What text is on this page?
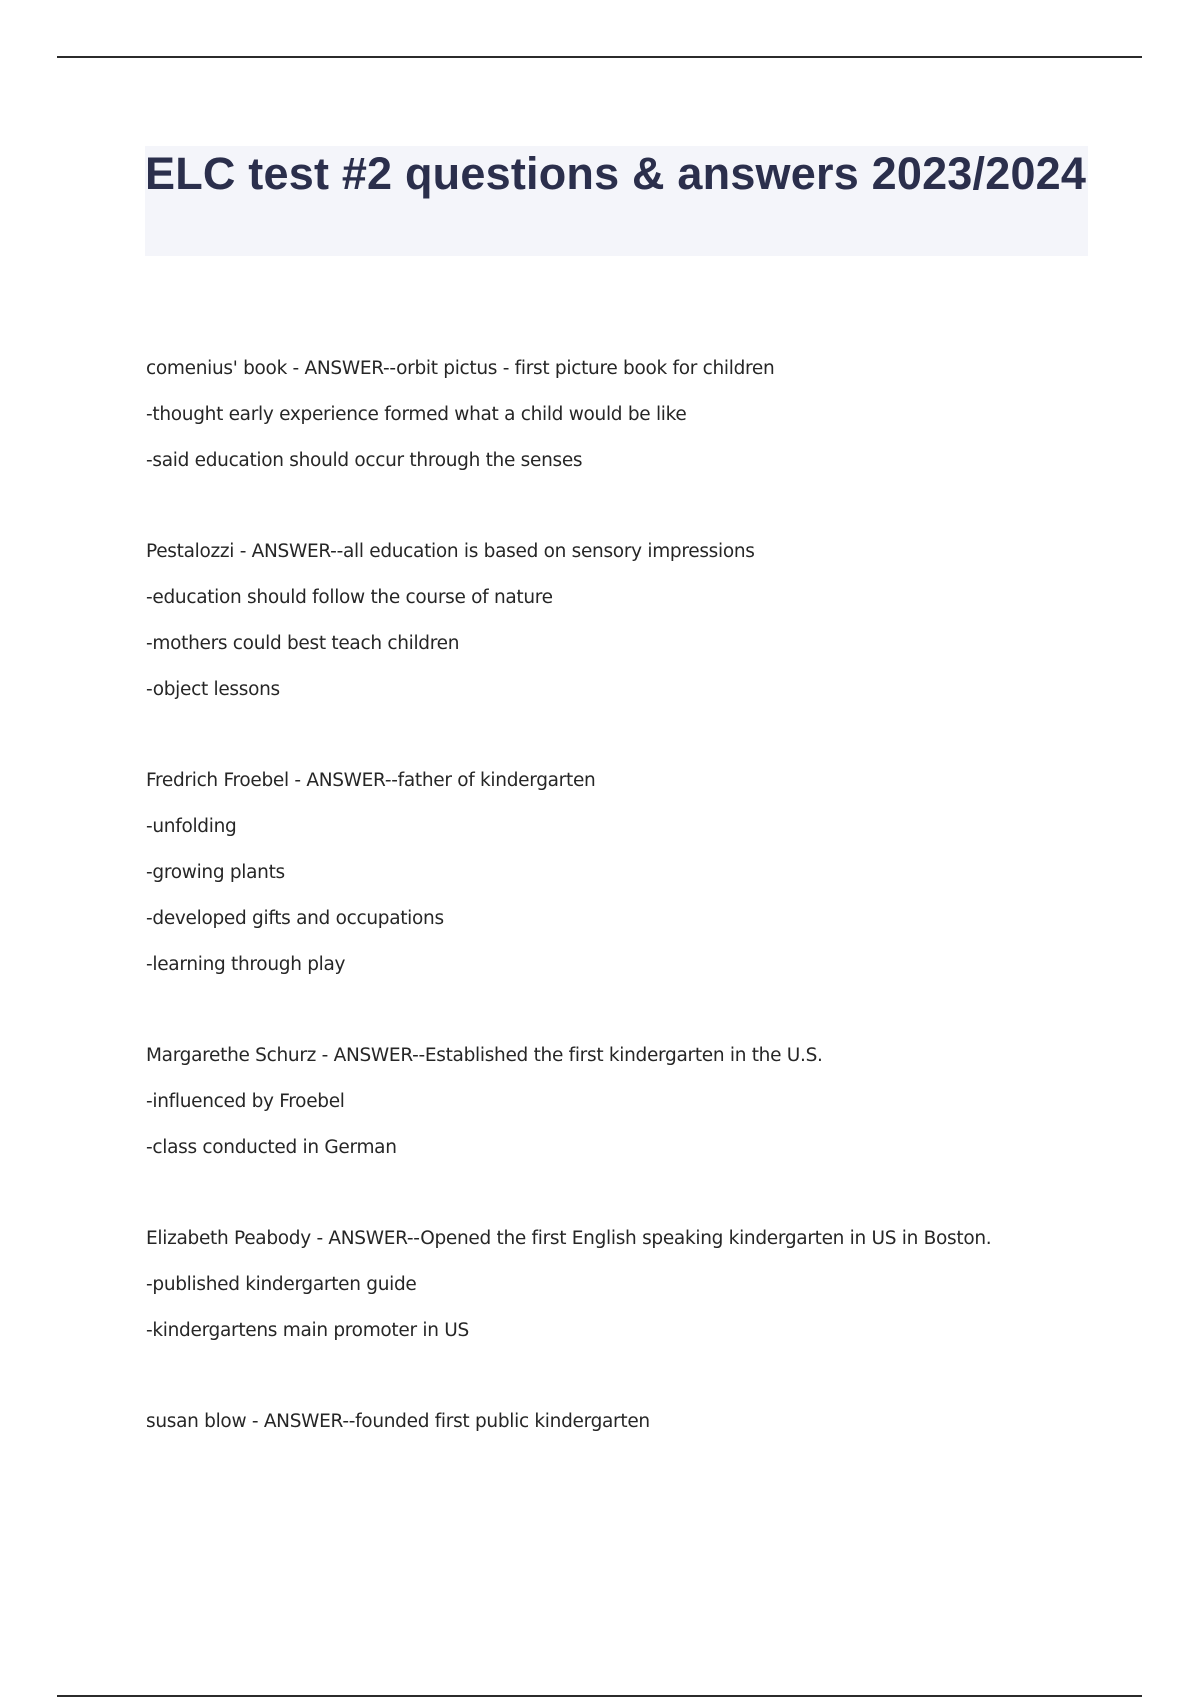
ELC test #2 questions & answers 2023/2024
comenius' book - ANSWER--orbit pictus - first picture book for children
-thought early experience formed what a child would be like
-said education should occur through the senses
Pestalozzi - ANSWER--all education is based on sensory impressions
-education should follow the course of nature
-mothers could best teach children
-object lessons
Fredrich Froebel - ANSWER--father of kindergarten
-unfolding
-growing plants
-developed gifts and occupations
-learning through play
Margarethe Schurz - ANSWER--Established the first kindergarten in the U.S.
-influenced by Froebel
-class conducted in German
Elizabeth Peabody - ANSWER--Opened the first English speaking kindergarten in US in Boston.
-published kindergarten guide
-kindergartens main promoter in US
susan blow - ANSWER--founded first public kindergarten
